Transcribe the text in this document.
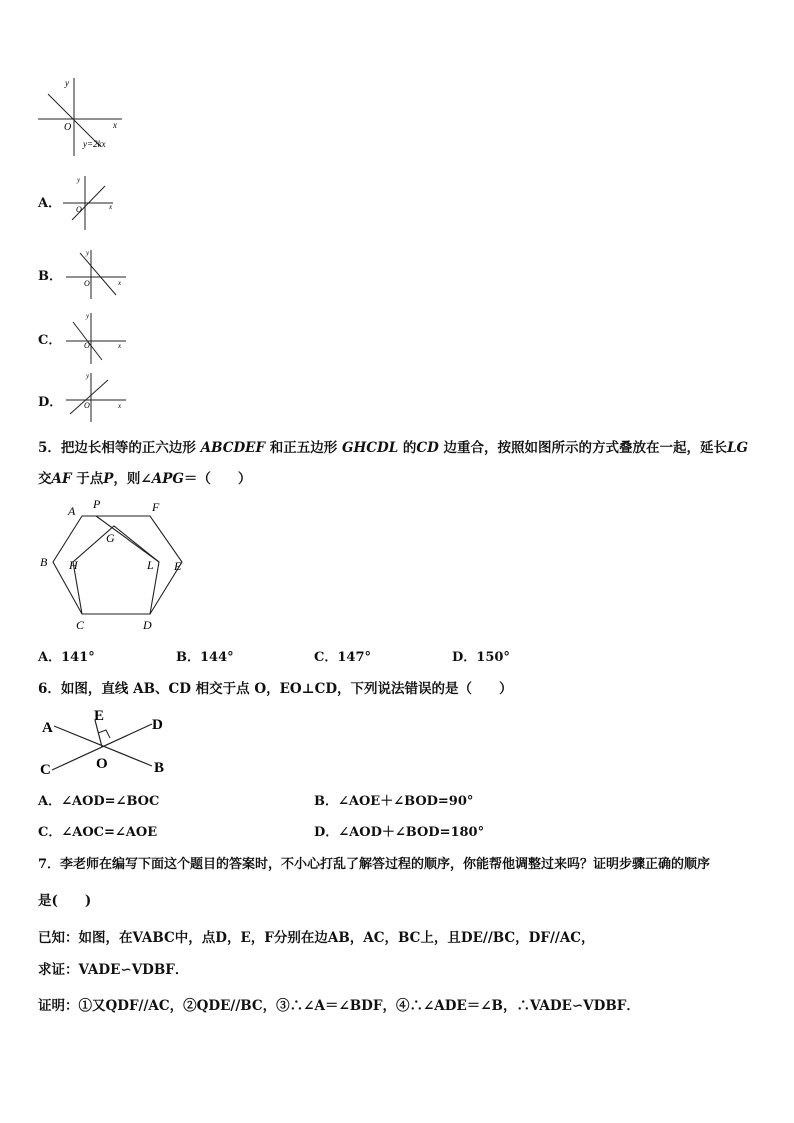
y
x
O
y=2kx
A．
y
x
O
B．
y
x
O
C．
y
x
O
D．
y
x
O
5．把边长相等的正六边形 ABCDEF 和正五边形 GHCDL 的CD 边重合，按照如图所示的方式叠放在一起，延长LG
交AF 于点P，则∠APG＝（　　）
A P	F
G
B H	L E
C	D
A．141°	B．144°	C．147°	D．150°
6．如图，直线 AB、CD 相交于点 O，EO⊥CD，下列说法错误的是（　　）
A
E
D
C	O	B
A．∠AOD=∠BOC	B．∠AOE＋∠BOD=90°
C．∠AOC=∠AOE	D．∠AOD＋∠BOD=180°
7．李老师在编写下面这个题目的答案时，不小心打乱了解答过程的顺序，你能帮他调整过来吗？证明步骤正确的顺序
是(　　)
已知：如图，在VABC中，点D，E，F分别在边AB，AC，BC上，且DE//BC，DF//AC，
求证：VADE∽VDBF．
证明：①又QDF//AC，②QDE//BC，③∴∠A＝∠BDF，④∴∠ADE＝∠B，∴VADE∽VDBF．
